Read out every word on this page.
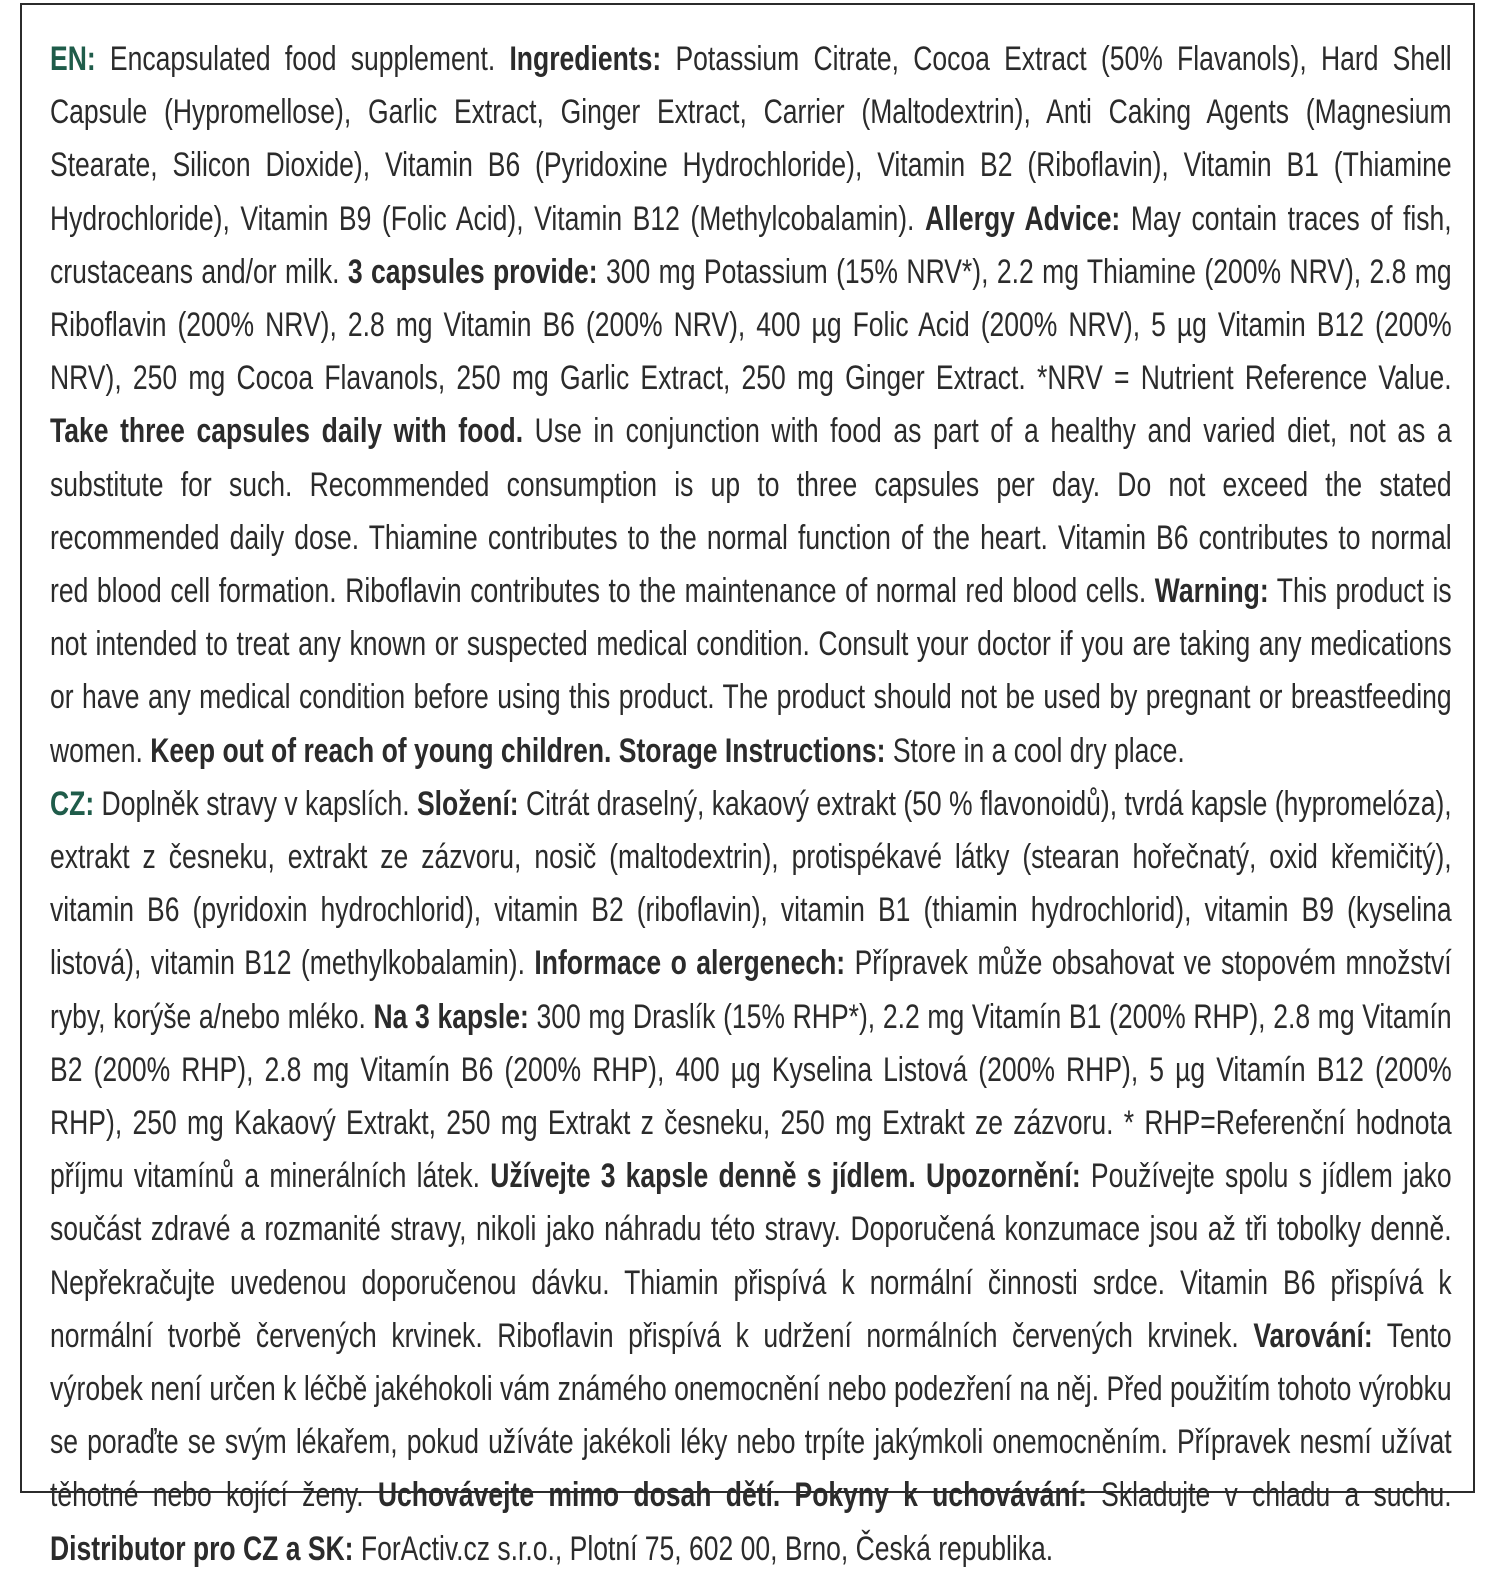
EN: Encapsulated food supplement. Ingredients: Potassium Citrate, Cocoa Extract (50% Flavanols), Hard Shell Capsule (Hypromellose), Garlic Extract, Ginger Extract, Carrier (Maltodextrin), Anti Caking Agents (Magnesium Stearate, Silicon Dioxide), Vitamin B6 (Pyridoxine Hydrochloride), Vitamin B2 (Riboflavin), Vitamin B1 (Thiamine Hydrochloride), Vitamin B9 (Folic Acid), Vitamin B12 (Methylcobalamin). Allergy Advice: May contain traces of fish, crustaceans and/or milk. 3 capsules provide: 300 mg Potassium (15% NRV*), 2.2 mg Thiamine (200% NRV), 2.8 mg Riboflavin (200% NRV), 2.8 mg Vitamin B6 (200% NRV), 400 µg Folic Acid (200% NRV), 5 µg Vitamin B12 (200% NRV), 250 mg Cocoa Flavanols, 250 mg Garlic Extract, 250 mg Ginger Extract. *NRV = Nutrient Reference Value. Take three capsules daily with food. Use in conjunction with food as part of a healthy and varied diet, not as a substitute for such. Recommended consumption is up to three capsules per day. Do not exceed the stated recommended daily dose. Thiamine contributes to the normal function of the heart. Vitamin B6 contributes to normal red blood cell formation. Riboflavin contributes to the maintenance of normal red blood cells. Warning: This product is not intended to treat any known or suspected medical condition. Consult your doctor if you are taking any medications or have any medical condition before using this product. The product should not be used by pregnant or breastfeeding women. Keep out of reach of young children. Storage Instructions: Store in a cool dry place.

CZ: Doplněk stravy v kapslích. Složení: Citrát draselný, kakaový extrakt (50 % flavonoidů), tvrdá kapsle (hypromelóza), extrakt z česneku, extrakt ze zázvoru, nosič (maltodextrin), protispékavé látky (stearan hořečnatý, oxid křemičitý), vitamin B6 (pyridoxin hydrochlorid), vitamin B2 (riboflavin), vitamin B1 (thiamin hydrochlorid), vitamin B9 (kyselina listová), vitamin B12 (methylkobalamin). Informace o alergenech: Přípravek může obsahovat ve stopovém množství ryby, korýše a/nebo mléko. Na 3 kapsle: 300 mg Draslík (15% RHP*), 2.2 mg Vitamín B1 (200% RHP), 2.8 mg Vitamín B2 (200% RHP), 2.8 mg Vitamín B6 (200% RHP), 400 µg Kyselina Listová (200% RHP), 5 µg Vitamín B12 (200% RHP), 250 mg Kakaový Extrakt, 250 mg Extrakt z česneku, 250 mg Extrakt ze zázvoru. * RHP=Referenční hodnota příjmu vitamínů a minerálních látek. Užívejte 3 kapsle denně s jídlem. Upozornění: Používejte spolu s jídlem jako součást zdravé a rozmanité stravy, nikoli jako náhradu této stravy. Doporučená konzumace jsou až tři tobolky denně. Nepřekračujte uvedenou doporučenou dávku. Thiamin přispívá k normální činnosti srdce. Vitamin B6 přispívá k normální tvorbě červených krvinek. Riboflavin přispívá k udržení normálních červených krvinek. Varování: Tento výrobek není určen k léčbě jakéhokoli vám známého onemocnění nebo podezření na něj. Před použitím tohoto výrobku se poraďte se svým lékařem, pokud užíváte jakékoli léky nebo trpíte jakýmkoli onemocněním. Přípravek nesmí užívat těhotné nebo kojící ženy. Uchovávejte mimo dosah dětí. Pokyny k uchovávání: Skladujte v chladu a suchu. Distributor pro CZ a SK: ForActiv.cz s.r.o., Plotní 75, 602 00, Brno, Česká republika.
